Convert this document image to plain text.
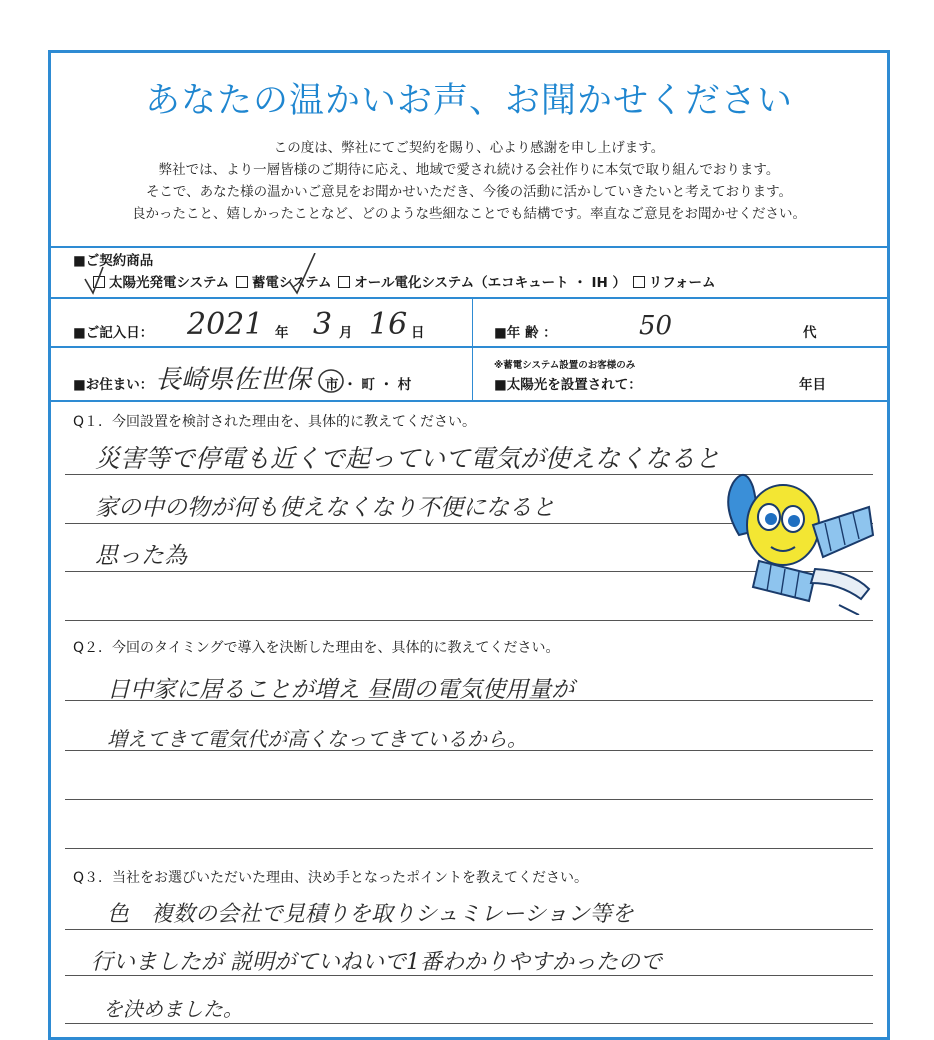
あなたの温かいお声、お聞かせください
この度は、弊社にてご契約を賜り、心より感謝を申し上げます。
弊社では、より一層皆様のご期待に応え、地域で愛され続ける会社作りに本気で取り組んでおります。
そこで、あなた様の温かいご意見をお聞かせいただき、今後の活動に活かしていきたいと考えております。
良かったこと、嬉しかったことなど、どのような些細なことでも結構です。率直なご意見をお聞かせください。
■ご契約商品
太陽光発電システム 蓄電システム オール電化システム（エコキュート ・ IH ） リフォーム
■ご記入日： 2021 年 3 月 16 日	■年 齢 ：	50	代
■お住まい： 長崎県佐世保 市 ・ 町 ・ 村
※蓄電システム設置のお客様のみ
■太陽光を設置されて：	年目
Q１．今回設置を検討された理由を、具体的に教えてください。
災害等で停電も近くで起っていて電気が使えなくなると
家の中の物が何も使えなくなり不便になると
思った為
Q２．今回のタイミングで導入を決断した理由を、具体的に教えてください。
日中家に居ることが増え 昼間の電気使用量が
増えてきて電気代が高くなってきているから。
Q３．当社をお選びいただいた理由、決め手となったポイントを教えてください。
色　複数の会社で見積りを取りシュミレーション等を
行いましたが 説明がていねいで1番わかりやすかったので
を決めました。
